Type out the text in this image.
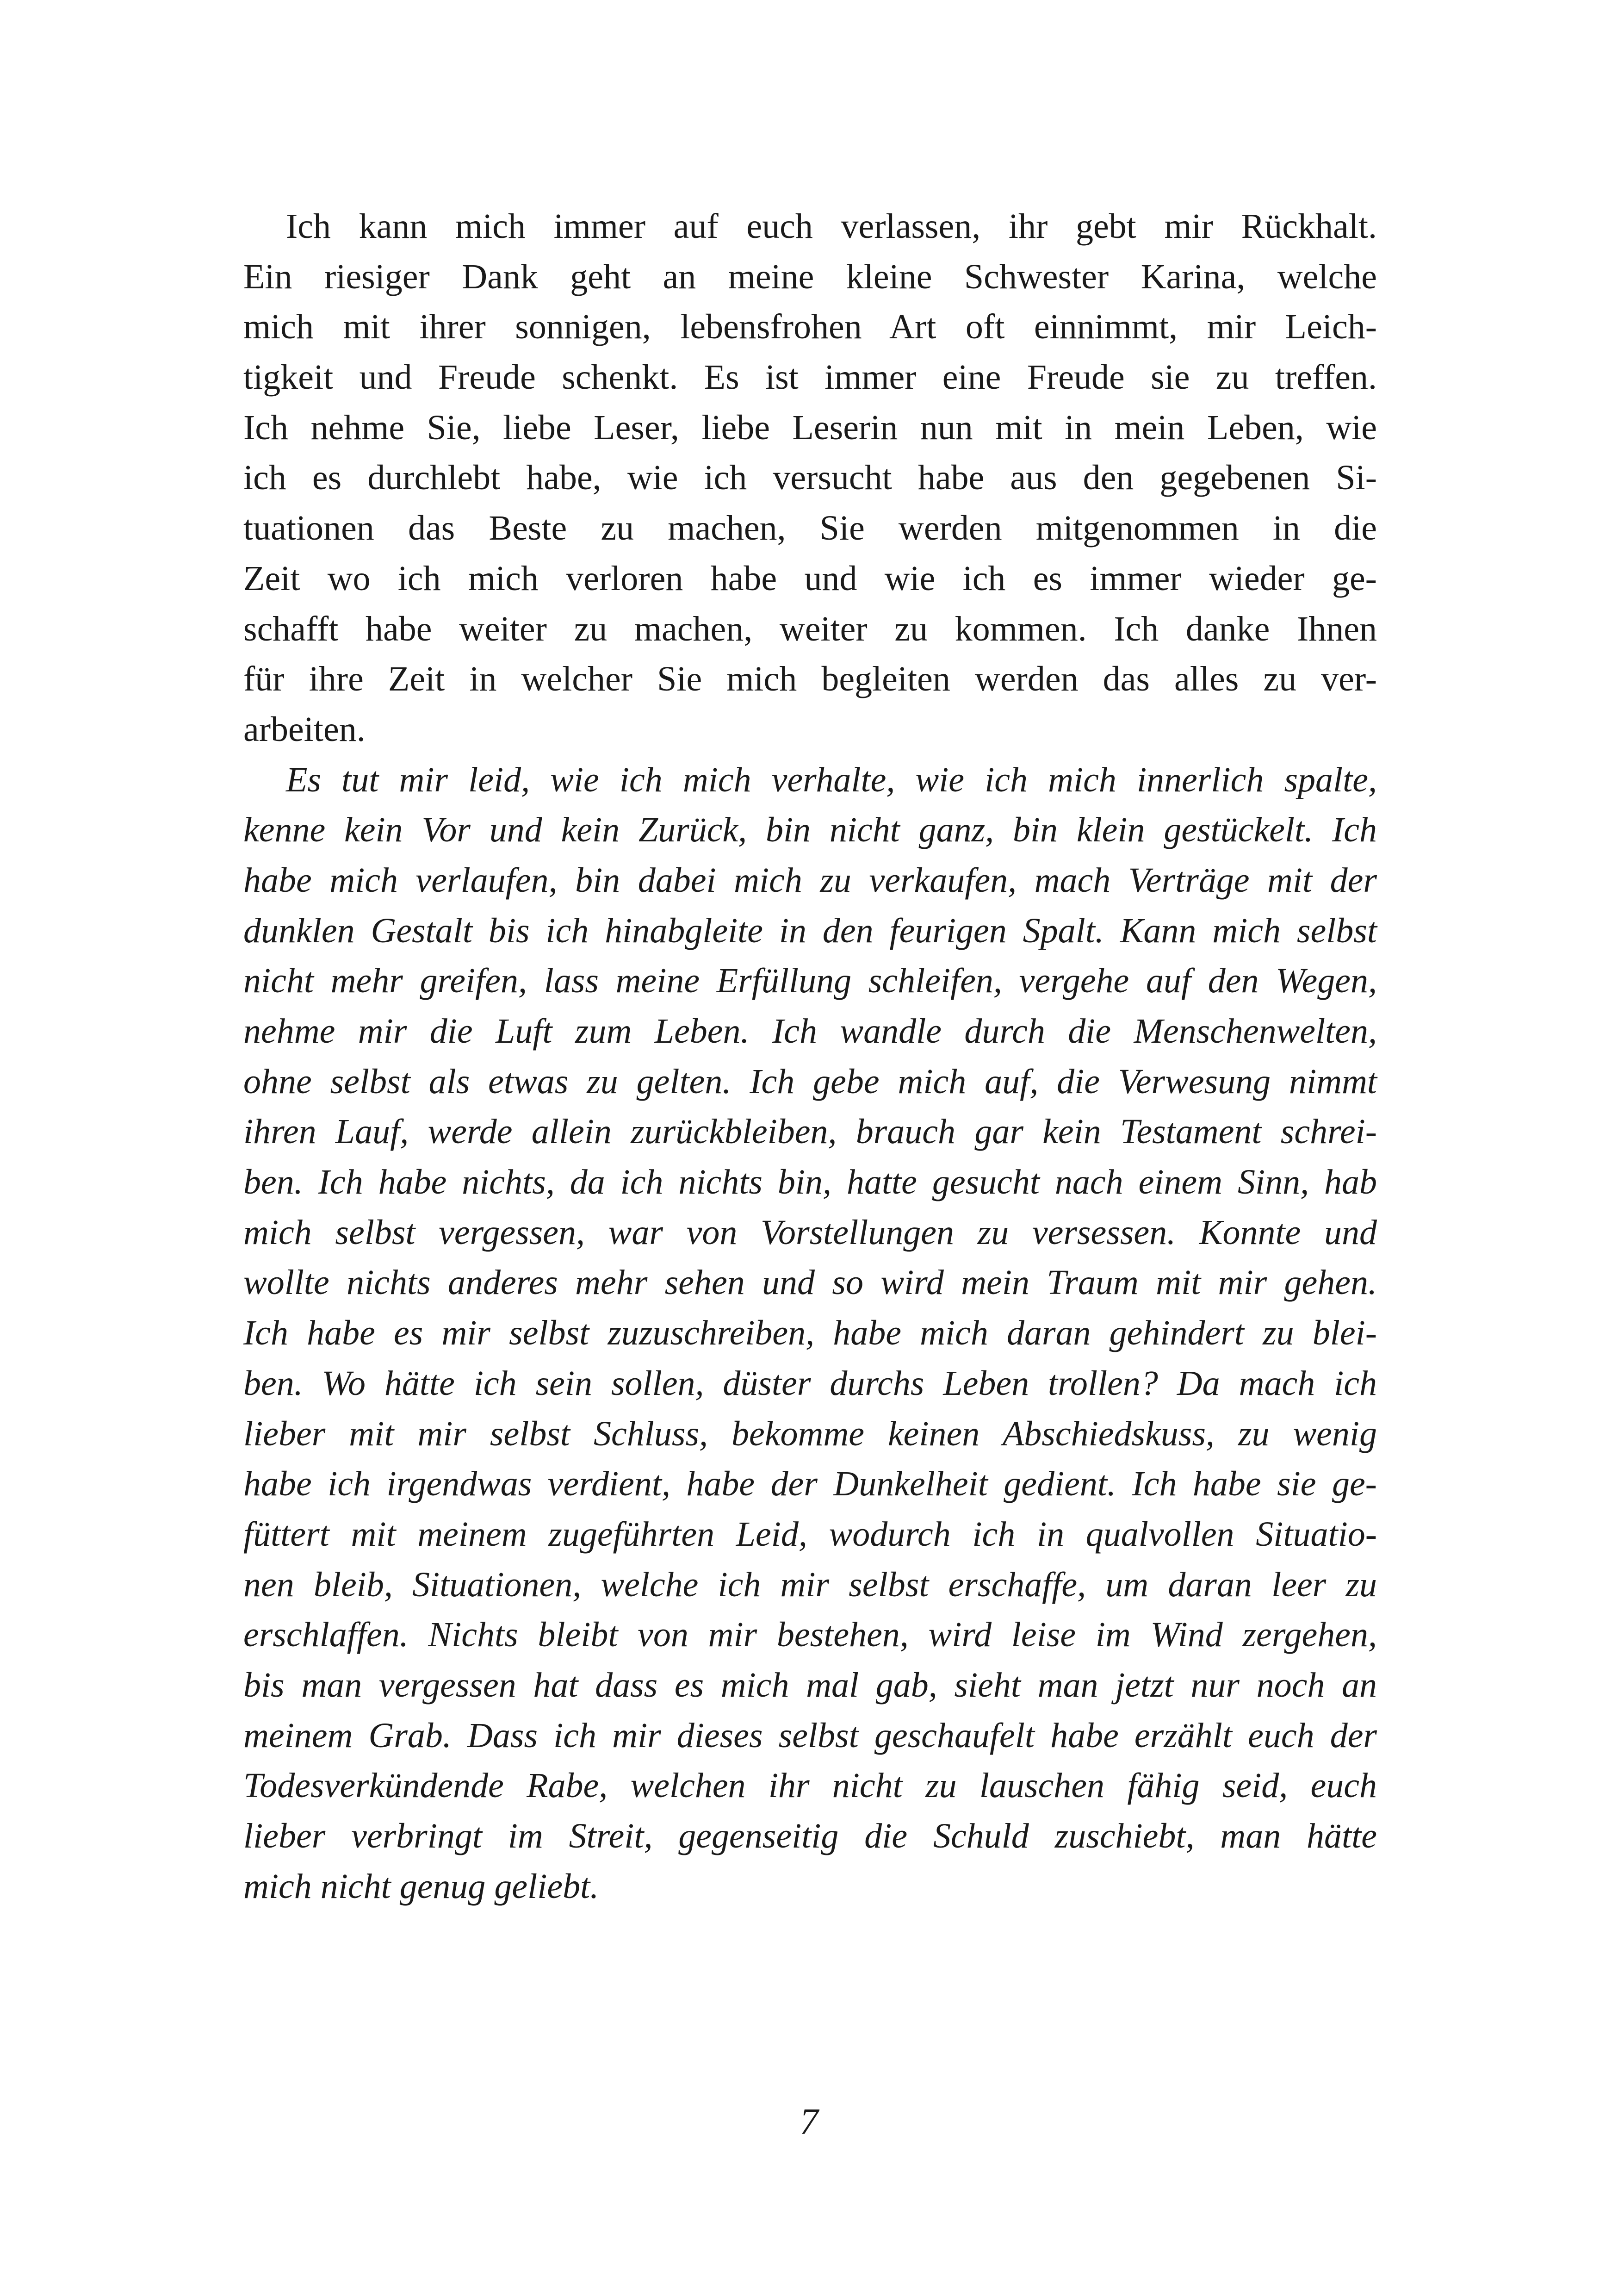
Ich kann mich immer auf euch verlassen, ihr gebt mir Rückhalt.
Ein riesiger Dank geht an meine kleine Schwester Karina, welche
mich mit ihrer sonnigen, lebensfrohen Art oft einnimmt, mir Leich-
tigkeit und Freude schenkt. Es ist immer eine Freude sie zu treffen.
Ich nehme Sie, liebe Leser, liebe Leserin nun mit in mein Leben, wie
ich es durchlebt habe, wie ich versucht habe aus den gegebenen Si-
tuationen das Beste zu machen, Sie werden mitgenommen in die
Zeit wo ich mich verloren habe und wie ich es immer wieder ge-
schafft habe weiter zu machen, weiter zu kommen. Ich danke Ihnen
für ihre Zeit in welcher Sie mich begleiten werden das alles zu ver-
arbeiten.
Es tut mir leid, wie ich mich verhalte, wie ich mich innerlich spalte,
kenne kein Vor und kein Zurück, bin nicht ganz, bin klein gestückelt. Ich
habe mich verlaufen, bin dabei mich zu verkaufen, mach Verträge mit der
dunklen Gestalt bis ich hinabgleite in den feurigen Spalt. Kann mich selbst
nicht mehr greifen, lass meine Erfüllung schleifen, vergehe auf den Wegen,
nehme mir die Luft zum Leben. Ich wandle durch die Menschenwelten,
ohne selbst als etwas zu gelten. Ich gebe mich auf, die Verwesung nimmt
ihren Lauf, werde allein zurückbleiben, brauch gar kein Testament schrei-
ben. Ich habe nichts, da ich nichts bin, hatte gesucht nach einem Sinn, hab
mich selbst vergessen, war von Vorstellungen zu versessen. Konnte und
wollte nichts anderes mehr sehen und so wird mein Traum mit mir gehen.
Ich habe es mir selbst zuzuschreiben, habe mich daran gehindert zu blei-
ben. Wo hätte ich sein sollen, düster durchs Leben trollen? Da mach ich
lieber mit mir selbst Schluss, bekomme keinen Abschiedskuss, zu wenig
habe ich irgendwas verdient, habe der Dunkelheit gedient. Ich habe sie ge-
füttert mit meinem zugeführten Leid, wodurch ich in qualvollen Situatio-
nen bleib, Situationen, welche ich mir selbst erschaffe, um daran leer zu
erschlaffen. Nichts bleibt von mir bestehen, wird leise im Wind zergehen,
bis man vergessen hat dass es mich mal gab, sieht man jetzt nur noch an
meinem Grab. Dass ich mir dieses selbst geschaufelt habe erzählt euch der
Todesverkündende Rabe, welchen ihr nicht zu lauschen fähig seid, euch
lieber verbringt im Streit, gegenseitig die Schuld zuschiebt, man hätte
mich nicht genug geliebt.
7
